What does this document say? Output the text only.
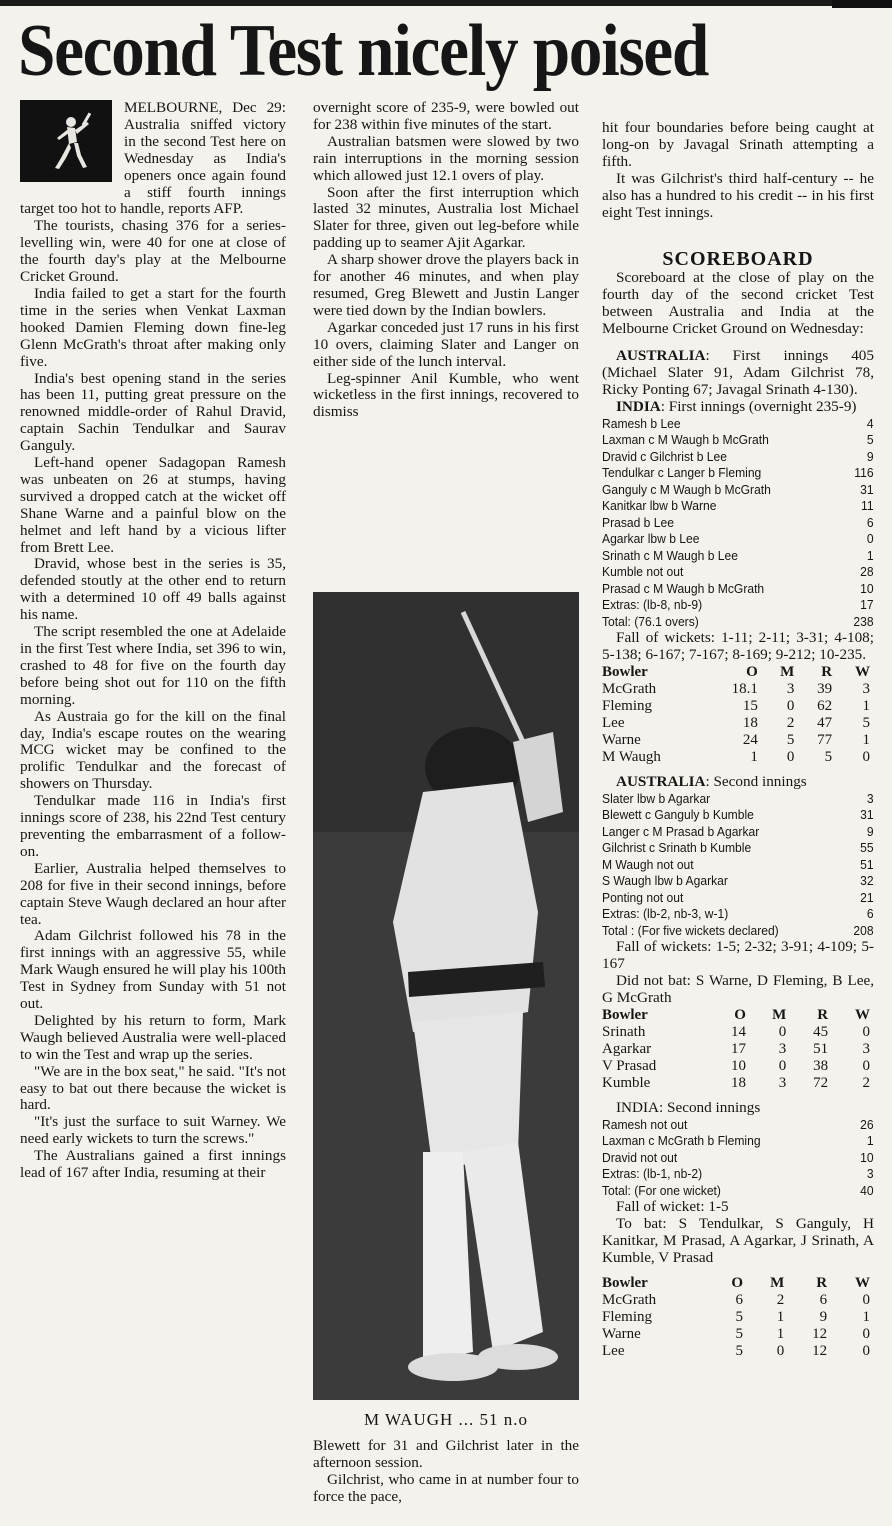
Second Test nicely poised

MELBOURNE, Dec 29: Australia sniffed victory in the second Test here on Wednesday as India's openers once again found a stiff fourth innings target too hot to handle, reports AFP.

The tourists, chasing 376 for a series-levelling win, were 40 for one at close of the fourth day's play at the Melbourne Cricket Ground.

India failed to get a start for the fourth time in the series when Venkat Laxman hooked Damien Fleming down fine-leg Glenn McGrath's throat after making only five.

India's best opening stand in the series has been 11, putting great pressure on the renowned middle-order of Rahul Dravid, captain Sachin Tendulkar and Saurav Ganguly.

Left-hand opener Sadagopan Ramesh was unbeaten on 26 at stumps, having survived a dropped catch at the wicket off Shane Warne and a painful blow on the helmet and left hand by a vicious lifter from Brett Lee.

Dravid, whose best in the series is 35, defended stoutly at the other end to return with a determined 10 off 49 balls against his name.

The script resembled the one at Adelaide in the first Test where India, set 396 to win, crashed to 48 for five on the fourth day before being shot out for 110 on the fifth morning.

As Austraia go for the kill on the final day, India's escape routes on the wearing MCG wicket may be confined to the prolific Tendulkar and the forecast of showers on Thursday.

Tendulkar made 116 in India's first innings score of 238, his 22nd Test century preventing the embarrasment of a follow-on.

Earlier, Australia helped themselves to 208 for five in their second innings, before captain Steve Waugh declared an hour after tea.

Adam Gilchrist followed his 78 in the first innings with an aggressive 55, while Mark Waugh ensured he will play his 100th Test in Sydney from Sunday with 51 not out.

Delighted by his return to form, Mark Waugh believed Australia were well-placed to win the Test and wrap up the series.

"We are in the box seat," he said. "It's not easy to bat out there because the wicket is hard.

"It's just the surface to suit Warney. We need early wickets to turn the screws."

The Australians gained a first innings lead of 167 after India, resuming at their

overnight score of 235-9, were bowled out for 238 within five minutes of the start.

Australian batsmen were slowed by two rain interruptions in the morning session which allowed just 12.1 overs of play.

Soon after the first interruption which lasted 32 minutes, Australia lost Michael Slater for three, given out leg-before while padding up to seamer Ajit Agarkar.

A sharp shower drove the players back in for another 46 minutes, and when play resumed, Greg Blewett and Justin Langer were tied down by the Indian bowlers.

Agarkar conceded just 17 runs in his first 10 overs, claiming Slater and Langer on either side of the lunch interval.

Leg-spinner Anil Kumble, who went wicketless in the first innings, recovered to dismiss

M WAUGH ... 51 n.o

Blewett for 31 and Gilchrist later in the afternoon session.

Gilchrist, who came in at number four to force the pace,

hit four boundaries before being caught at long-on by Javagal Srinath attempting a fifth.

It was Gilchrist's third half-century -- he also has a hundred to his credit -- in his first eight Test innings.

SCOREBOARD

Scoreboard at the close of play on the fourth day of the second cricket Test between Australia and India at the Melbourne Cricket Ground on Wednesday:

AUSTRALIA: First innings 405 (Michael Slater 91, Adam Gilchrist 78, Ricky Ponting 67; Javagal Srinath 4-130).

INDIA: First innings (overnight 235-9)

Ramesh b Lee	4
Laxman c M Waugh b McGrath	5
Dravid c Gilchrist b Lee	9
Tendulkar c Langer b Fleming	116
Ganguly c M Waugh b McGrath	31
Kanitkar lbw b Warne	11
Prasad b Lee	6
Agarkar lbw b Lee	0
Srinath c M Waugh b Lee	1
Kumble not out	28
Prasad c M Waugh b McGrath	10
Extras: (lb-8, nb-9)	17
Total: (76.1 overs)	238

Fall of wickets: 1-11; 2-11; 3-31; 4-108; 5-138; 6-167; 7-167; 8-169; 9-212; 10-235.

Bowler	O	M	R	W
McGrath	18.1	3	39	3
Fleming	15	0	62	1
Lee	18	2	47	5
Warne	24	5	77	1
M Waugh	1	0	5	0

AUSTRALIA: Second innings

Slater lbw b Agarkar	3
Blewett c Ganguly b Kumble	31
Langer c M Prasad b Agarkar	9
Gilchrist c Srinath b Kumble	55
M Waugh not out	51
S Waugh lbw b Agarkar	32
Ponting not out	21
Extras: (lb-2, nb-3, w-1)	6
Total : (For five wickets declared)	208

Fall of wickets: 1-5; 2-32; 3-91; 4-109; 5-167

Did not bat: S Warne, D Fleming, B Lee, G McGrath

Bowler	O	M	R	W
Srinath	14	0	45	0
Agarkar	17	3	51	3
V Prasad	10	0	38	0
Kumble	18	3	72	2

INDIA: Second innings

Ramesh not out	26
Laxman c McGrath b Fleming	1
Dravid not out	10
Extras: (lb-1, nb-2)	3
Total: (For one wicket)	40

Fall of wicket: 1-5

To bat: S Tendulkar, S Ganguly, H Kanitkar, M Prasad, A Agarkar, J Srinath, A Kumble, V Prasad

Bowler	O	M	R	W
McGrath	6	2	6	0
Fleming	5	1	9	1
Warne	5	1	12	0
Lee	5	0	12	0
